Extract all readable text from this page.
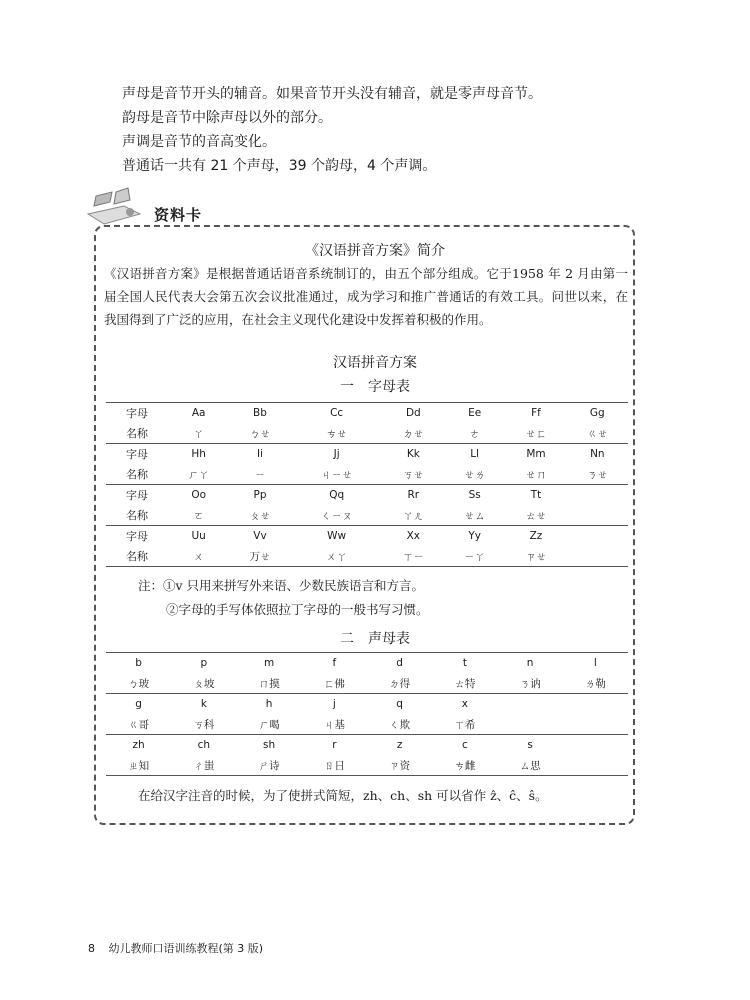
声母是音节开头的辅音。如果音节开头没有辅音，就是零声母音节。

韵母是音节中除声母以外的部分。

声调是音节的音高变化。

普通话一共有 21 个声母，39 个韵母，4 个声调。

资料卡
《汉语拼音方案》简介
《汉语拼音方案》是根据普通话语音系统制订的，由五个部分组成。它于1958 年 2 月由第一届全国人民代表大会第五次会议批准通过，成为学习和推广普通话的有效工具。问世以来，在我国得到了广泛的应用，在社会主义现代化建设中发挥着积极的作用。
汉语拼音方案
一　字母表
字母	Aa	Bb	Cc	Dd	Ee	Ff	Gg
名称	ㄚ	ㄅㄝ	ㄘㄝ	ㄉㄝ	ㄜ	ㄝㄈ	ㄍㄝ
字母	Hh	Ii	Jj	Kk	Ll	Mm	Nn
名称	ㄏㄚ	ㄧ	ㄐㄧㄝ	ㄎㄝ	ㄝㄌ	ㄝㄇ	ㄋㄝ
字母	Oo	Pp	Qq	Rr	Ss	Tt	
名称	ㄛ	ㄆㄝ	ㄑㄧㄡ	ㄚㄦ	ㄝㄙ	ㄊㄝ	
字母	Uu	Vv	Ww	Xx	Yy	Zz	
名称	ㄨ	ㄪㄝ	ㄨㄚ	ㄒㄧ	ㄧㄚ	ㄗㄝ	

注：①v 只用来拼写外来语、少数民族语言和方言。
②字母的手写体依照拉丁字母的一般书写习惯。
二　声母表
b	p	m	f	d	t	n	l
ㄅ玻	ㄆ坡	ㄇ摸	ㄈ佛	ㄉ得	ㄊ特	ㄋ讷	ㄌ勒
g	k	h	j	q	x		
ㄍ哥	ㄎ科	ㄏ喝	ㄐ基	ㄑ欺	ㄒ希		
zh	ch	sh	r	z	c	s	
ㄓ知	ㄔ蚩	ㄕ诗	ㄖ日	ㄗ资	ㄘ雌	ㄙ思	

在给汉字注音的时候，为了使拼式简短，zh、ch、sh 可以省作 ẑ、ĉ、ŝ。
8 幼儿教师口语训练教程(第 3 版)
